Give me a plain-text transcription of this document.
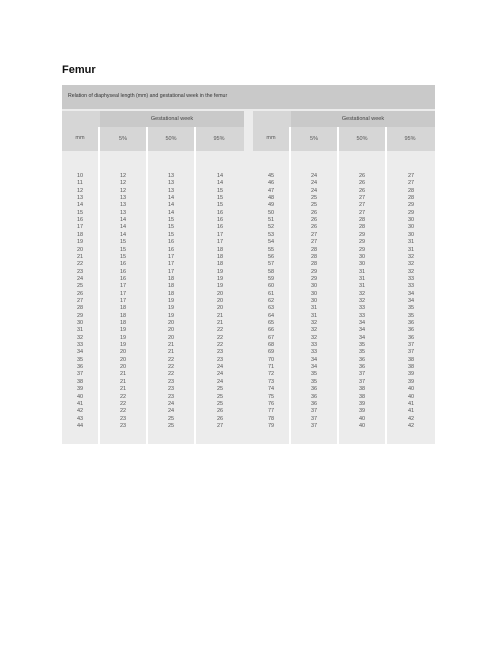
Femur
Relation of diaphyseal length (mm) and gestational week in the femur
mm
Gestational week
5%	50%	95%
10	12	13	14
11	12	13	14
12	12	13	15
13	13	14	15
14	13	14	15
15	13	14	16
16	14	15	16
17	14	15	16
18	14	15	17
19	15	16	17
20	15	16	18
21	15	17	18
22	16	17	18
23	16	17	19
24	16	18	19
25	17	18	19
26	17	18	20
27	17	19	20
28	18	19	20
29	18	19	21
30	18	20	21
31	19	20	22
32	19	20	22
33	19	21	22
34	20	21	23
35	20	22	23
36	20	22	24
37	21	22	24
38	21	23	24
39	21	23	25
40	22	23	25
41	22	24	25
42	22	24	26
43	23	25	26
44	23	25	27
mm
Gestational week
5%	50%	95%
45	24	26	27
46	24	26	27
47	24	26	28
48	25	27	28
49	25	27	29
50	26	27	29
51	26	28	30
52	26	28	30
53	27	29	30
54	27	29	31
55	28	29	31
56	28	30	32
57	28	30	32
58	29	31	32
59	29	31	33
60	30	31	33
61	30	32	34
62	30	32	34
63	31	33	35
64	31	33	35
65	32	34	36
66	32	34	36
67	32	34	36
68	33	35	37
69	33	35	37
70	34	36	38
71	34	36	38
72	35	37	39
73	35	37	39
74	36	38	40
75	36	38	40
76	36	39	41
77	37	39	41
78	37	40	42
79	37	40	42
